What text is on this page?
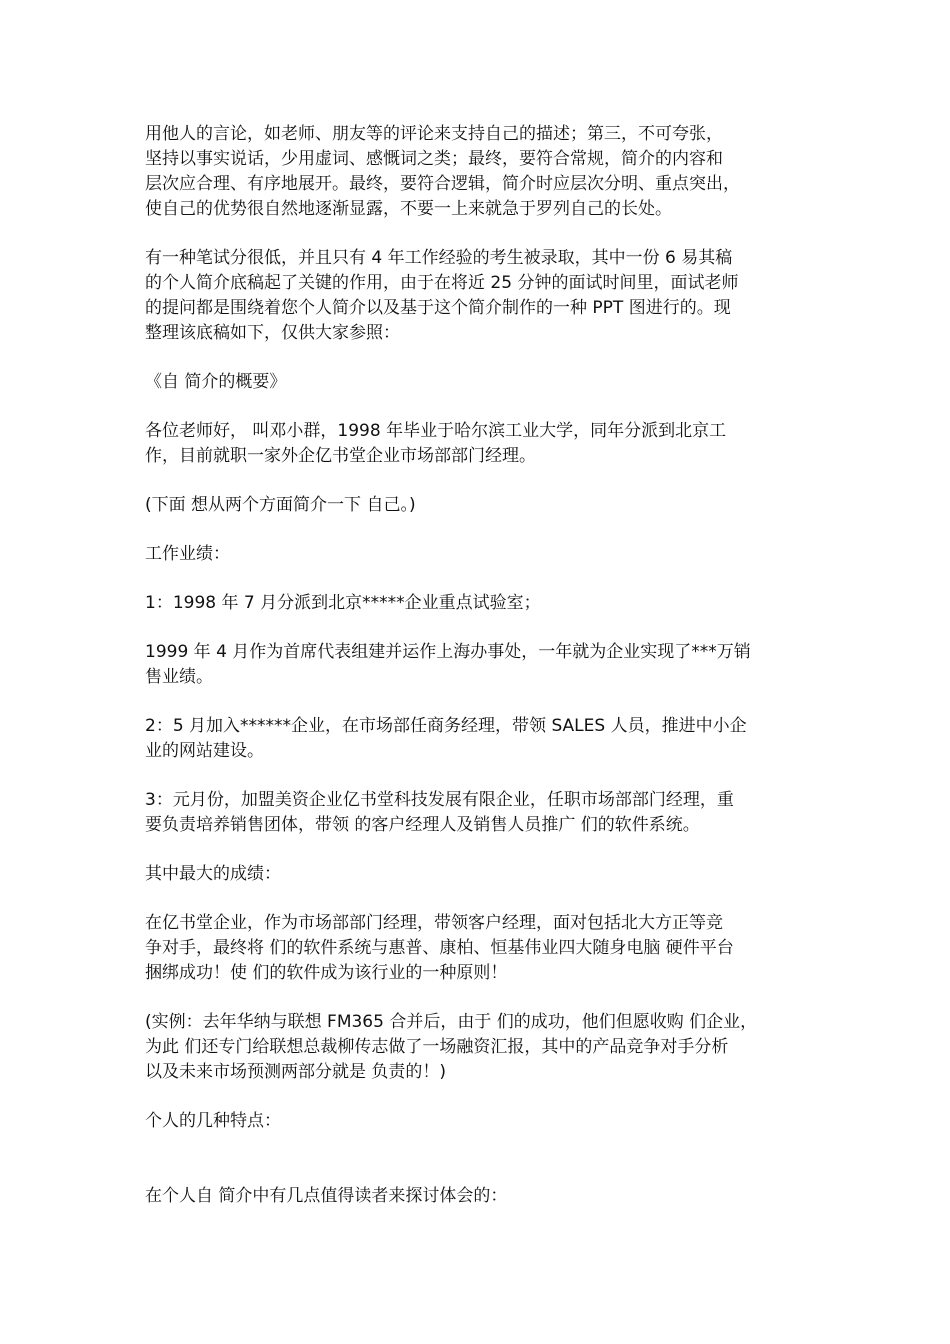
用他人的言论，如老师、朋友等的评论来支持自己的描述；第三，不可夸张，
坚持以事实说话，少用虚词、感慨词之类；最终，要符合常规，简介的内容和
层次应合理、有序地展开。最终，要符合逻辑，简介时应层次分明、重点突出，
使自己的优势很自然地逐渐显露，不要一上来就急于罗列自己的长处。
有一种笔试分很低，并且只有 4 年工作经验的考生被录取，其中一份 6 易其稿
的个人简介底稿起了关键的作用，由于在将近 25 分钟的面试时间里，面试老师
的提问都是围绕着您个人简介以及基于这个简介制作的一种 PPT 图进行的。现
整理该底稿如下，仅供大家参照：
《自 简介的概要》
各位老师好， 叫邓小群，1998 年毕业于哈尔滨工业大学，同年分派到北京工
作，目前就职一家外企亿书堂企业市场部部门经理。
(下面 想从两个方面简介一下 自己。)
工作业绩：
1：1998 年 7 月分派到北京*****企业重点试验室；
1999 年 4 月作为首席代表组建并运作上海办事处，一年就为企业实现了***万销
售业绩。
2：5 月加入******企业，在市场部任商务经理，带领 SALES 人员，推进中小企
业的网站建设。
3：元月份，加盟美资企业亿书堂科技发展有限企业，任职市场部部门经理，重
要负责培养销售团体，带领 的客户经理人及销售人员推广 们的软件系统。
其中最大的成绩：
在亿书堂企业，作为市场部部门经理，带领客户经理，面对包括北大方正等竞
争对手，最终将 们的软件系统与惠普、康柏、恒基伟业四大随身电脑 硬件平台
捆绑成功！使 们的软件成为该行业的一种原则！
(实例：去年华纳与联想 FM365 合并后，由于 们的成功，他们但愿收购 们企业，
为此 们还专门给联想总裁柳传志做了一场融资汇报，其中的产品竞争对手分析
以及未来市场预测两部分就是 负责的！)
个人的几种特点：
在个人自 简介中有几点值得读者来探讨体会的：
